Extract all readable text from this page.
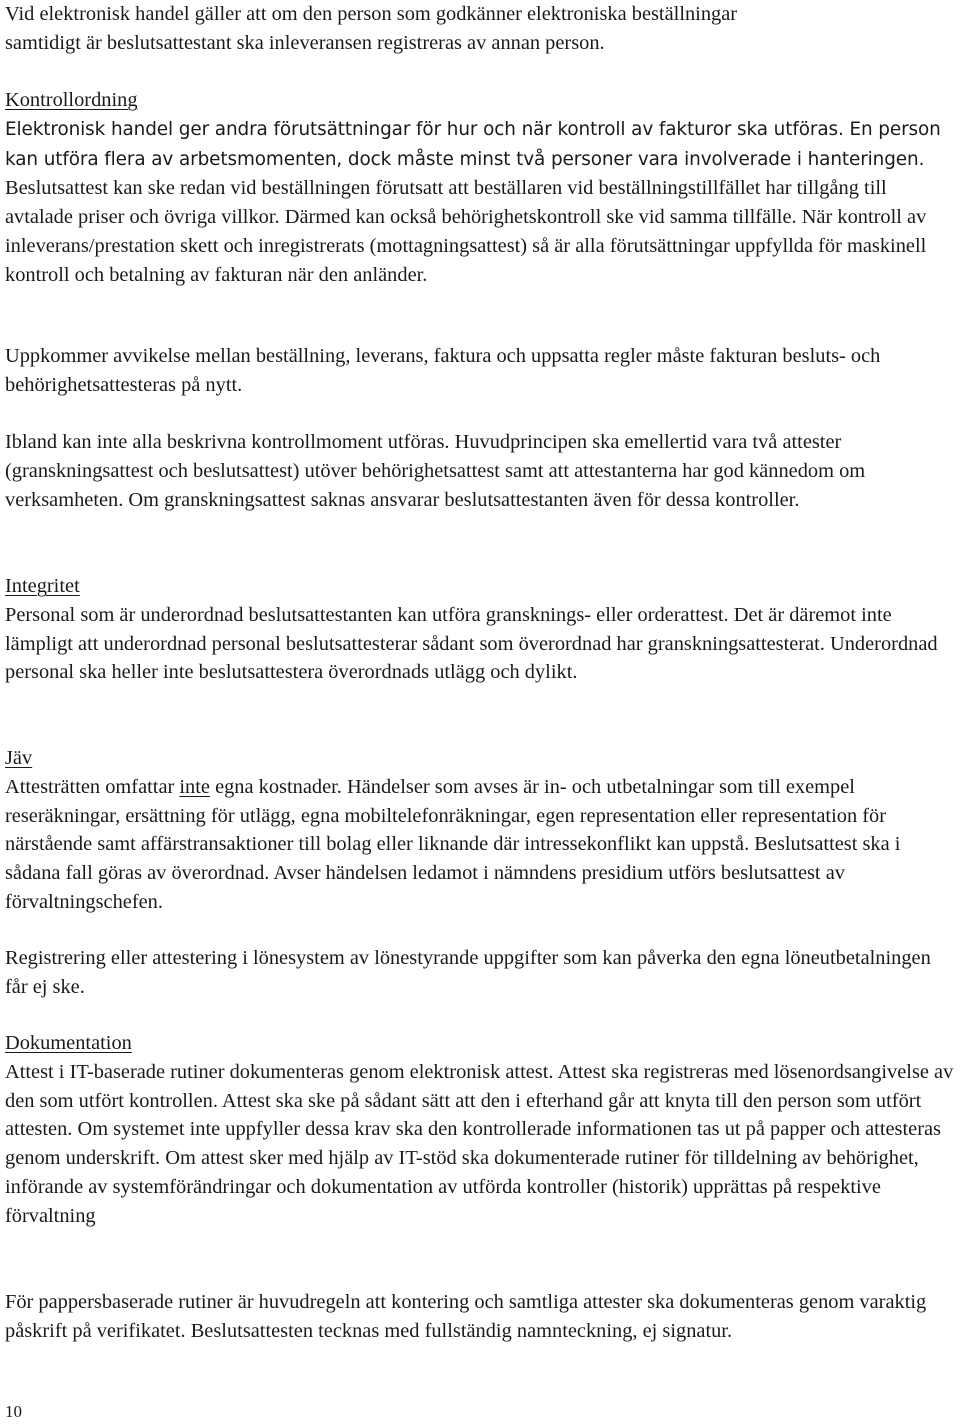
Vid elektronisk handel gäller att om den person som godkänner elektroniska beställningar
samtidigt är beslutsattestant ska inleveransen registreras av annan person.

Kontrollordning
Elektronisk handel ger andra förutsättningar för hur och när kontroll av fakturor ska utföras. En person kan utföra flera av arbetsmomenten, dock måste minst två personer vara involverade i hanteringen. Beslutsattest kan ske redan vid beställningen förutsatt att beställaren vid beställningstillfället har tillgång till avtalade priser och övriga villkor. Därmed kan också behörighetskontroll ske vid samma tillfälle. När kontroll av inleverans/prestation skett och inregistrerats (mottagningsattest) så är alla förutsättningar uppfyllda för maskinell kontroll och betalning av fakturan när den anländer.

Uppkommer avvikelse mellan beställning, leverans, faktura och uppsatta regler måste fakturan besluts- och behörighetsattesteras på nytt.

Ibland kan inte alla beskrivna kontrollmoment utföras. Huvudprincipen ska emellertid vara två attester (granskningsattest och beslutsattest) utöver behörighetsattest samt att attestanterna har god kännedom om verksamheten. Om granskningsattest saknas ansvarar beslutsattestanten även för dessa kontroller.

Integritet
Personal som är underordnad beslutsattestanten kan utföra gransknings- eller orderattest. Det är däremot inte lämpligt att underordnad personal beslutsattesterar sådant som överordnad har granskningsattesterat. Underordnad personal ska heller inte beslutsattestera överordnads utlägg och dylikt.

Jäv
Attesträtten omfattar inte egna kostnader. Händelser som avses är in- och utbetalningar som till exempel reseräkningar, ersättning för utlägg, egna mobiltelefonräkningar, egen representation eller representation för närstående samt affärstransaktioner till bolag eller liknande där intressekonflikt kan uppstå. Beslutsattest ska i sådana fall göras av överordnad. Avser händelsen ledamot i nämndens presidium utförs beslutsattest av förvaltningschefen.

Registrering eller attestering i lönesystem av lönestyrande uppgifter som kan påverka den egna löneutbetalningen får ej ske.

Dokumentation
Attest i IT-baserade rutiner dokumenteras genom elektronisk attest. Attest ska registreras med lösenordsangivelse av den som utfört kontrollen. Attest ska ske på sådant sätt att den i efterhand går att knyta till den person som utfört attesten. Om systemet inte uppfyller dessa krav ska den kontrollerade informationen tas ut på papper och attesteras genom underskrift. Om attest sker med hjälp av IT-stöd ska dokumenterade rutiner för tilldelning av behörighet, införande av systemförändringar och dokumentation av utförda kontroller (historik) upprättas på respektive förvaltning

För pappersbaserade rutiner är huvudregeln att kontering och samtliga attester ska dokumenteras genom varaktig påskrift på verifikatet. Beslutsattesten tecknas med fullständig namnteckning, ej signatur.

10
